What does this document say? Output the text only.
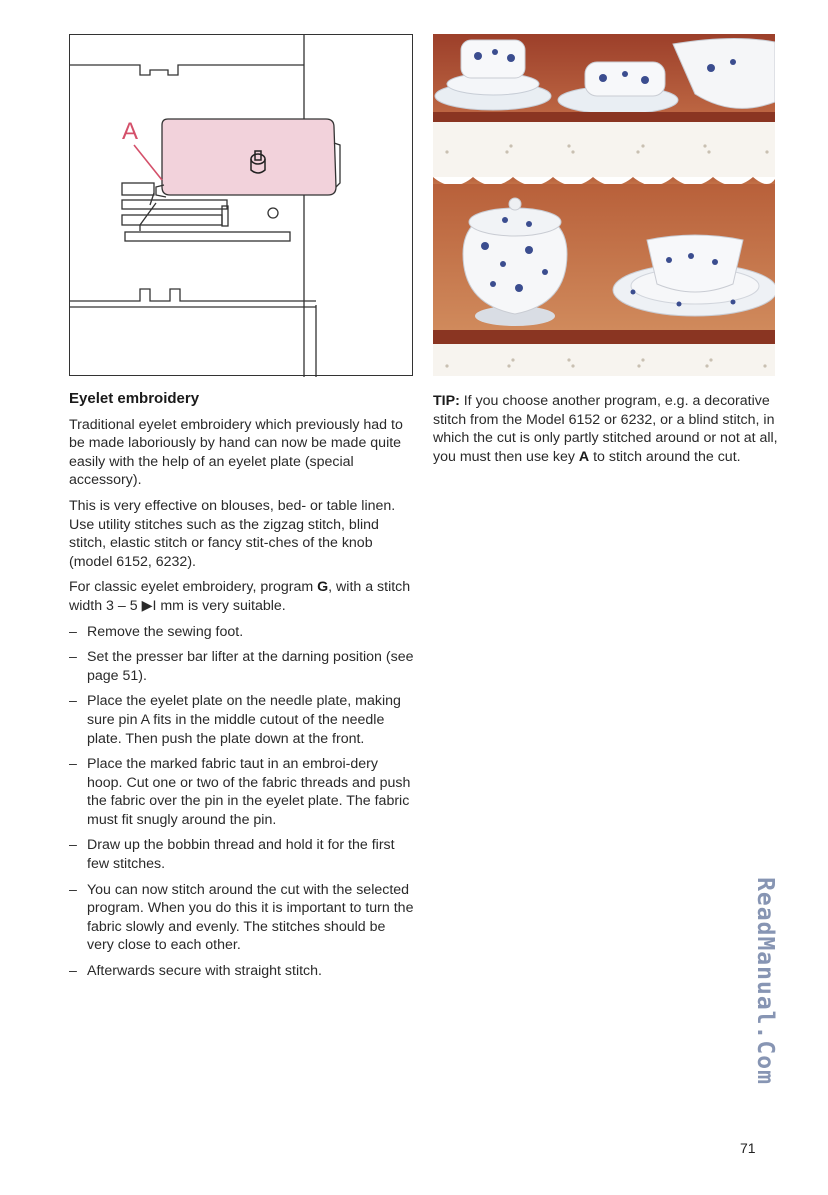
A
Eyelet embroidery

Traditional eyelet embroidery which previously had to be made laboriously by hand can now be made quite easily with the help of an eyelet plate (special accessory).

This is very effective on blouses, bed- or table linen. Use utility stitches such as the zigzag stitch, blind stitch, elastic stitch or fancy stit-ches of the knob (model 6152, 6232).

For classic eyelet embroidery, program G, with a stitch width 3 – 5 ▶I mm is very suitable.

– Remove the sewing foot.
– Set the presser bar lifter at the darning position (see page 51).
– Place the eyelet plate on the needle plate, making sure pin A fits in the middle cutout of the needle plate. Then push the plate down at the front.
– Place the marked fabric taut in an embroi-dery hoop. Cut one or two of the fabric threads and push the fabric over the pin in the eyelet plate. The fabric must fit snugly around the pin.
– Draw up the bobbin thread and hold it for the first few stitches.
– You can now stitch around the cut with the selected program. When you do this it is important to turn the fabric slowly and evenly. The stitches should be very close to each other.
– Afterwards secure with straight stitch.

TIP: If you choose another program, e.g. a decorative stitch from the Model 6152 or 6232, or a blind stitch, in which the cut is only partly stitched around or not at all, you must then use key A to stitch around the cut.

ReadManual.Com
71
